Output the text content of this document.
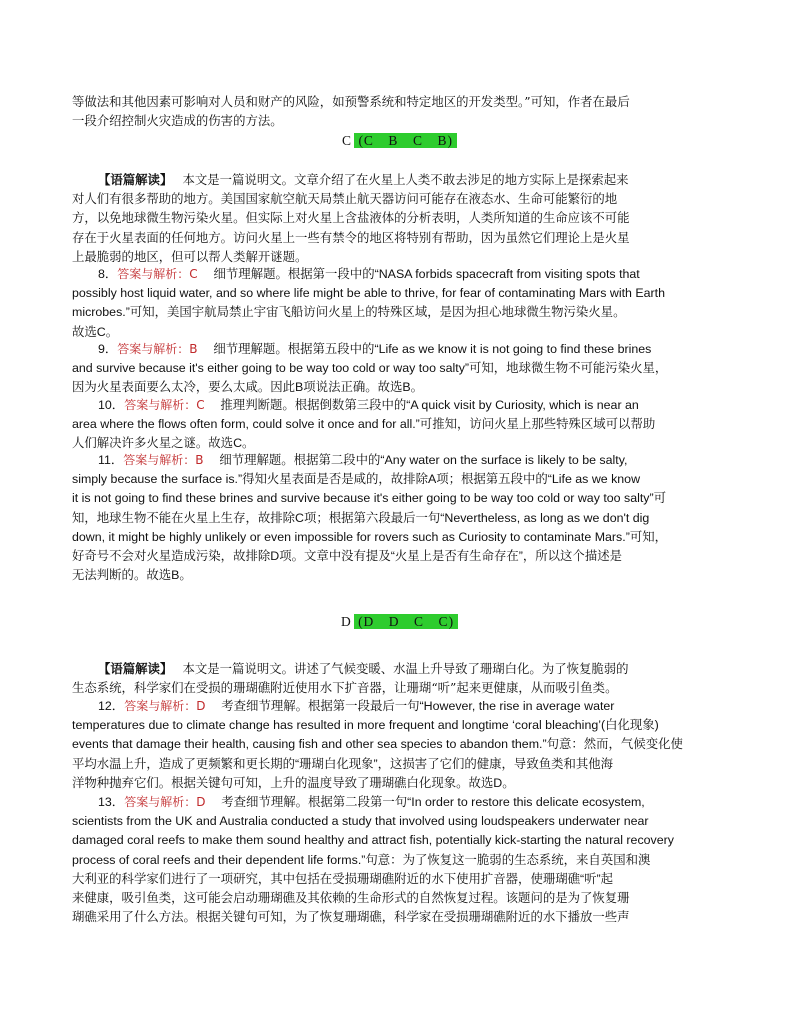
等做法和其他因素可影响对人员和财产的风险，如预警系统和特定地区的开发类型。”可知，作者在最后

一段介绍控制火灾造成的伤害的方法。

C (C　B　C　B)

【语篇解读】　 本文是一篇说明文。文章介绍了在火星上人类不敢去涉足的地方实际上是探索起来

对人们有很多帮助的地方。美国国家航空航天局禁止航天器访问可能存在液态水、生命可能繁衍的地

方，以免地球微生物污染火星。但实际上对火星上含盐液体的分析表明，人类所知道的生命应该不可能

存在于火星表面的任何地方。访问火星上一些有禁令的地区将特别有帮助，因为虽然它们理论上是火星

上最脆弱的地区，但可以帮人类解开谜题。

8．答案与解析：C　 细节理解题。根据第一段中的“NASA forbids spacecraft from visiting spots that

possibly host liquid water, and so where life might be able to thrive, for fear of contaminating Mars with Earth

microbes.”可知，美国宇航局禁止宇宙飞船访问火星上的特殊区域，是因为担心地球微生物污染火星。

故选C。

9．答案与解析：B　 细节理解题。根据第五段中的“Life as we know it is not going to find these brines

and survive because it's either going to be way too cold or way too salty”可知，地球微生物不可能污染火星，

因为火星表面要么太冷，要么太咸。因此B项说法正确。故选B。

10．答案与解析：C　 推理判断题。根据倒数第三段中的“A quick visit by Curiosity, which is near an

area where the flows often form, could solve it once and for all.”可推知，访问火星上那些特殊区域可以帮助

人们解决许多火星之谜。故选C。

11．答案与解析：B　 细节理解题。根据第二段中的“Any water on the surface is likely to be salty,

simply because the surface is.”得知火星表面是否是咸的，故排除A项；根据第五段中的“Life as we know

it is not going to find these brines and survive because it's either going to be way too cold or way too salty”可

知，地球生物不能在火星上生存，故排除C项；根据第六段最后一句“Nevertheless, as long as we don't dig

down, it might be highly unlikely or even impossible for rovers such as Curiosity to contaminate Mars.”可知，

好奇号不会对火星造成污染，故排除D项。文章中没有提及“火星上是否有生命存在”，所以这个描述是

无法判断的。故选B。

D (D　D　C　C)

【语篇解读】　 本文是一篇说明文。讲述了气候变暖、水温上升导致了珊瑚白化。为了恢复脆弱的

生态系统，科学家们在受损的珊瑚礁附近使用水下扩音器，让珊瑚“听”起来更健康，从而吸引鱼类。

12．答案与解析：D　 考查细节理解。根据第一段最后一句“However, the rise in average water

temperatures due to climate change has resulted in more frequent and longtime ‘coral bleaching’(白化现象)

events that damage their health, causing fish and other sea species to abandon them.”句意：然而，气候变化使

平均水温上升，造成了更频繁和更长期的“珊瑚白化现象”，这损害了它们的健康，导致鱼类和其他海

洋物种抛弃它们。根据关键句可知，上升的温度导致了珊瑚礁白化现象。故选D。

13．答案与解析：D　 考查细节理解。根据第二段第一句“In order to restore this delicate ecosystem,

scientists from the UK and Australia conducted a study that involved using loudspeakers underwater near

damaged coral reefs to make them sound healthy and attract fish, potentially kick-starting the natural recovery

process of coral reefs and their dependent life forms.”句意：为了恢复这一脆弱的生态系统，来自英国和澳

大利亚的科学家们进行了一项研究，其中包括在受损珊瑚礁附近的水下使用扩音器，使珊瑚礁“听”起

来健康，吸引鱼类，这可能会启动珊瑚礁及其依赖的生命形式的自然恢复过程。该题问的是为了恢复珊

瑚礁采用了什么方法。根据关键句可知，为了恢复珊瑚礁，科学家在受损珊瑚礁附近的水下播放一些声
